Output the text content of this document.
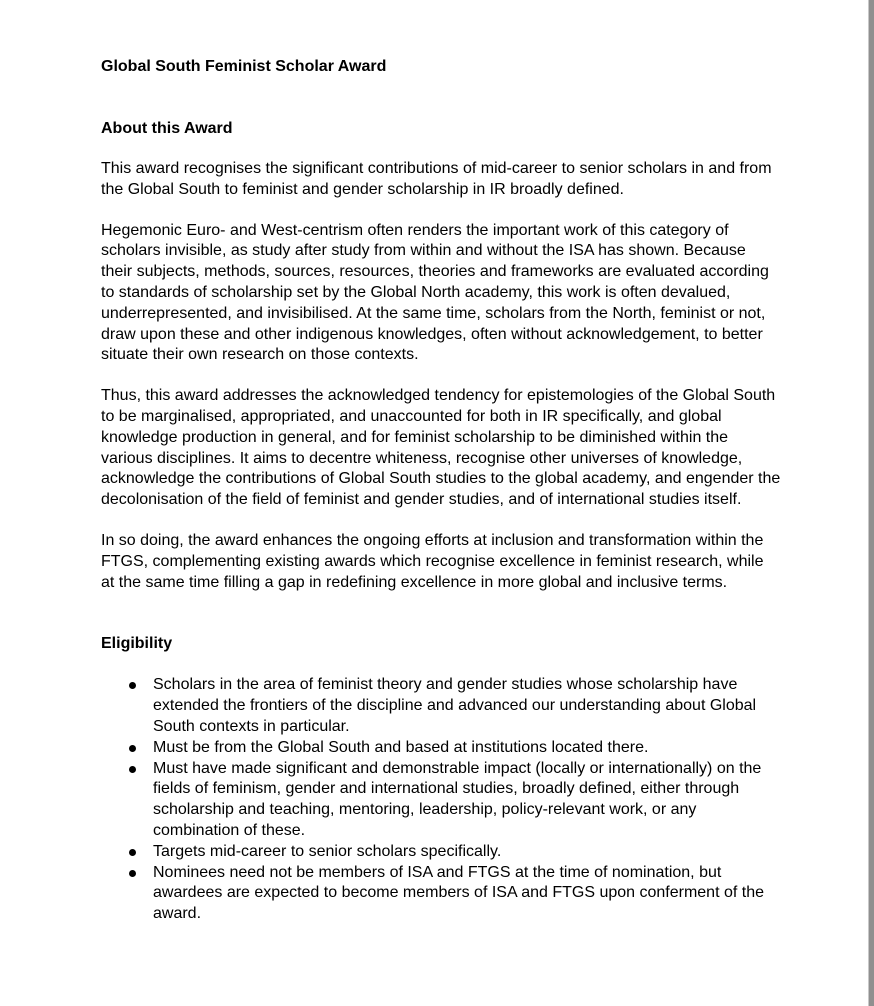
Global South Feminist Scholar Award
About this Award

This award recognises the significant contributions of mid-career to senior scholars in and from the Global South to feminist and gender scholarship in IR broadly defined.

Hegemonic Euro- and West-centrism often renders the important work of this category of scholars invisible, as study after study from within and without the ISA has shown. Because their subjects, methods, sources, resources, theories and frameworks are evaluated according to standards of scholarship set by the Global North academy, this work is often devalued, underrepresented, and invisibilised. At the same time, scholars from the North, feminist or not, draw upon these and other indigenous knowledges, often without acknowledgement, to better situate their own research on those contexts.

Thus, this award addresses the acknowledged tendency for epistemologies of the Global South to be marginalised, appropriated, and unaccounted for both in IR specifically, and global knowledge production in general, and for feminist scholarship to be diminished within the various disciplines. It aims to decentre whiteness, recognise other universes of knowledge, acknowledge the contributions of Global South studies to the global academy, and engender the decolonisation of the field of feminist and gender studies, and of international studies itself.

In so doing, the award enhances the ongoing efforts at inclusion and transformation within the FTGS, complementing existing awards which recognise excellence in feminist research, while at the same time filling a gap in redefining excellence in more global and inclusive terms.

Eligibility
Scholars in the area of feminist theory and gender studies whose scholarship have extended the frontiers of the discipline and advanced our understanding about Global South contexts in particular.
Must be from the Global South and based at institutions located there.
Must have made significant and demonstrable impact (locally or internationally) on the fields of feminism, gender and international studies, broadly defined, either through scholarship and teaching, mentoring, leadership, policy-relevant work, or any combination of these.
Targets mid-career to senior scholars specifically.
Nominees need not be members of ISA and FTGS at the time of nomination, but awardees are expected to become members of ISA and FTGS upon conferment of the award.
